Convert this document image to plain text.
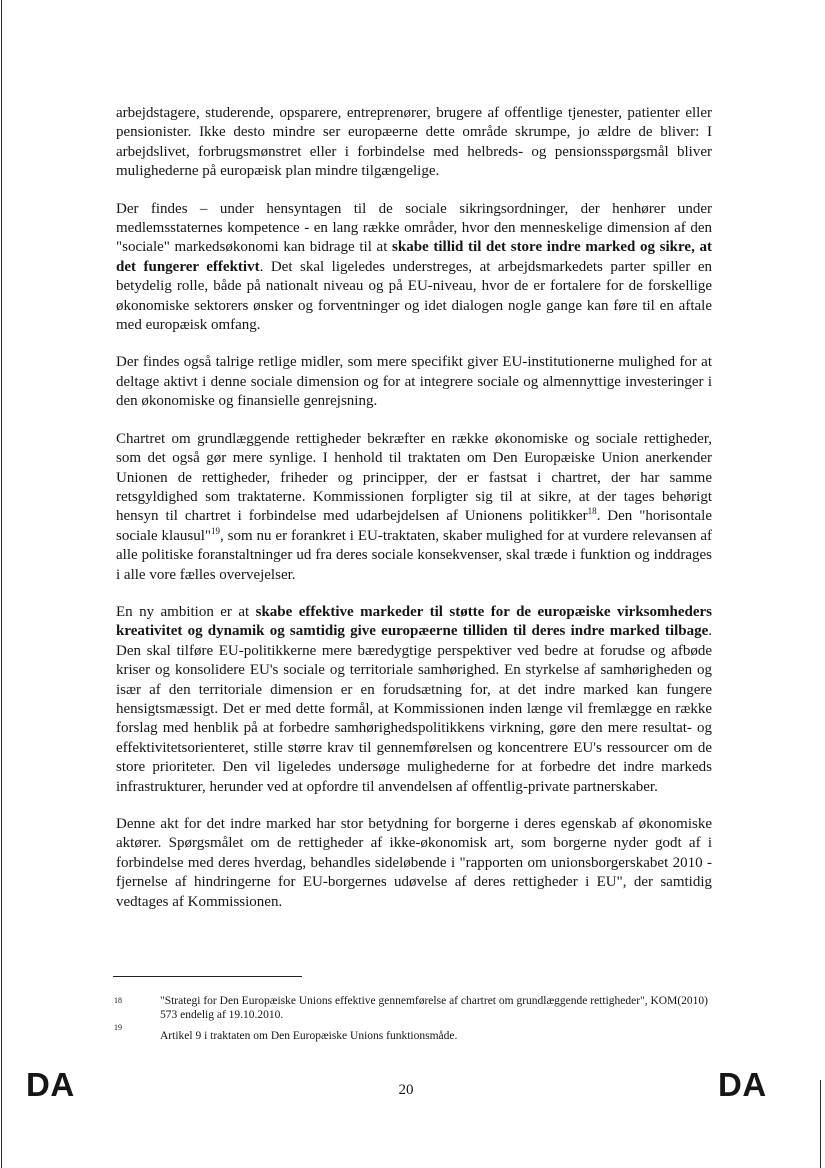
arbejdstagere, studerende, opsparere, entreprenører, brugere af offentlige tjenester, patienter eller pensionister. Ikke desto mindre ser europæerne dette område skrumpe, jo ældre de bliver: I arbejdslivet, forbrugsmønstret eller i forbindelse med helbreds- og pensionsspørgsmål bliver mulighederne på europæisk plan mindre tilgængelige.

Der findes – under hensyntagen til de sociale sikringsordninger, der henhører under medlemsstaternes kompetence - en lang række områder, hvor den menneskelige dimension af den "sociale" markedsøkonomi kan bidrage til at skabe tillid til det store indre marked og sikre, at det fungerer effektivt. Det skal ligeledes understreges, at arbejdsmarkedets parter spiller en betydelig rolle, både på nationalt niveau og på EU-niveau, hvor de er fortalere for de forskellige økonomiske sektorers ønsker og forventninger og idet dialogen nogle gange kan føre til en aftale med europæisk omfang.

Der findes også talrige retlige midler, som mere specifikt giver EU-institutionerne mulighed for at deltage aktivt i denne sociale dimension og for at integrere sociale og almennyttige investeringer i den økonomiske og finansielle genrejsning.

Chartret om grundlæggende rettigheder bekræfter en række økonomiske og sociale rettigheder, som det også gør mere synlige. I henhold til traktaten om Den Europæiske Union anerkender Unionen de rettigheder, friheder og principper, der er fastsat i chartret, der har samme retsgyldighed som traktaterne. Kommissionen forpligter sig til at sikre, at der tages behørigt hensyn til chartret i forbindelse med udarbejdelsen af Unionens politikker$^{18}$. Den "horisontale sociale klausul"$^{19}$, som nu er forankret i EU-traktaten, skaber mulighed for at vurdere relevansen af alle politiske foranstaltninger ud fra deres sociale konsekvenser, skal træde i funktion og inddrages i alle vore fælles overvejelser.

En ny ambition er at skabe effektive markeder til støtte for de europæiske virksomheders kreativitet og dynamik og samtidig give europæerne tilliden til deres indre marked tilbage. Den skal tilføre EU-politikkerne mere bæredygtige perspektiver ved bedre at forudse og afbøde kriser og konsolidere EU's sociale og territoriale samhørighed. En styrkelse af samhørigheden og især af den territoriale dimension er en forudsætning for, at det indre marked kan fungere hensigtsmæssigt. Det er med dette formål, at Kommissionen inden længe vil fremlægge en række forslag med henblik på at forbedre samhørighedspolitikkens virkning, gøre den mere resultat- og effektivitetsorienteret, stille større krav til gennemførelsen og koncentrere EU's ressourcer om de store prioriteter. Den vil ligeledes undersøge mulighederne for at forbedre det indre markeds infrastrukturer, herunder ved at opfordre til anvendelsen af offentlig-private partnerskaber.

Denne akt for det indre marked har stor betydning for borgerne i deres egenskab af økonomiske aktører. Spørgsmålet om de rettigheder af ikke-økonomisk art, som borgerne nyder godt af i forbindelse med deres hverdag, behandles sideløbende i "rapporten om unionsborgerskabet 2010 - fjernelse af hindringerne for EU-borgernes udøvelse af deres rettigheder i EU", der samtidig vedtages af Kommissionen.

18	"Strategi for Den Europæiske Unions effektive gennemførelse af chartret om grundlæggende rettigheder", KOM(2010) 573 endelig af 19.10.2010.
19
Artikel 9 i traktaten om Den Europæiske Unions funktionsmåde.
DA	20	DA
